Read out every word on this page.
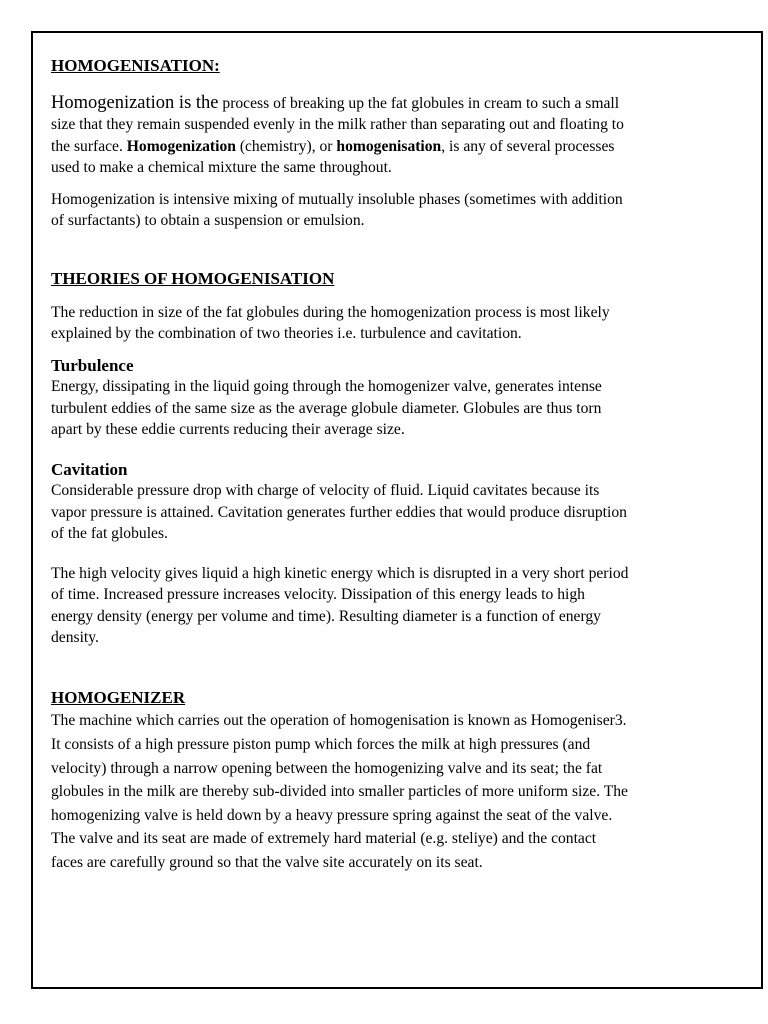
HOMOGENISATION:

Homogenization is the process of breaking up the fat globules in cream to such a small
size that they remain suspended evenly in the milk rather than separating out and floating to
the surface. Homogenization (chemistry), or homogenisation, is any of several processes
used to make a chemical mixture the same throughout.

Homogenization is intensive mixing of mutually insoluble phases (sometimes with addition
of surfactants) to obtain a suspension or emulsion.

THEORIES OF HOMOGENISATION

The reduction in size of the fat globules during the homogenization process is most likely
explained by the combination of two theories i.e. turbulence and cavitation.

Turbulence

Energy, dissipating in the liquid going through the homogenizer valve, generates intense
turbulent eddies of the same size as the average globule diameter. Globules are thus torn
apart by these eddie currents reducing their average size.

Cavitation

Considerable pressure drop with charge of velocity of fluid. Liquid cavitates because its
vapor pressure is attained. Cavitation generates further eddies that would produce disruption
of the fat globules.

The high velocity gives liquid a high kinetic energy which is disrupted in a very short period
of time. Increased pressure increases velocity. Dissipation of this energy leads to high
energy density (energy per volume and time). Resulting diameter is a function of energy
density.

HOMOGENIZER

The machine which carries out the operation of homogenisation is known as Homogeniser3.
It consists of a high pressure piston pump which forces the milk at high pressures (and
velocity) through a narrow opening between the homogenizing valve and its seat; the fat
globules in the milk are thereby sub-divided into smaller particles of more uniform size. The
homogenizing valve is held down by a heavy pressure spring against the seat of the valve.
The valve and its seat are made of extremely hard material (e.g. steliye) and the contact
faces are carefully ground so that the valve site accurately on its seat.
